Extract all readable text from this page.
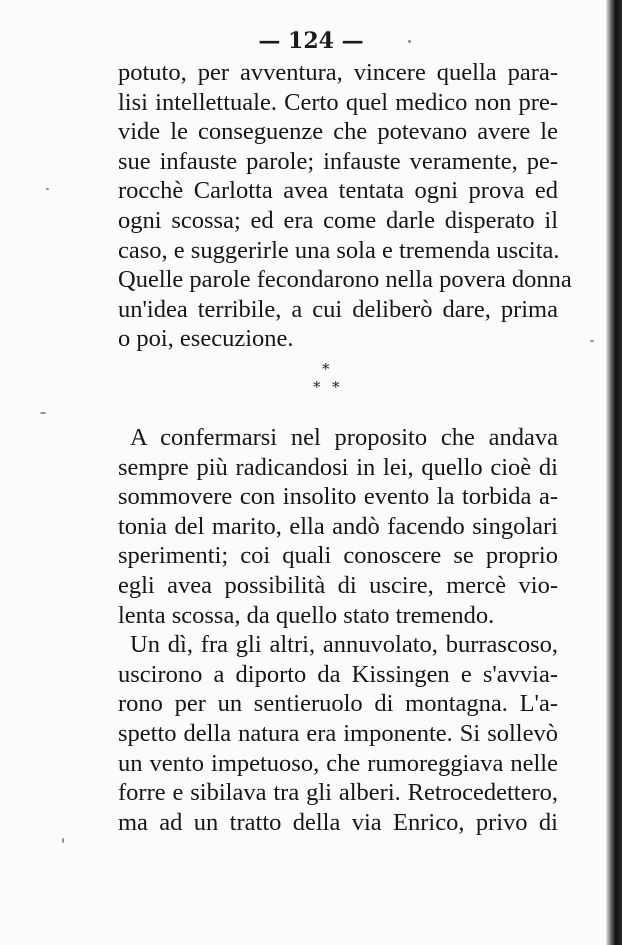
— 124 —
potuto, per avventura, vincere quella para-
lisi intellettuale. Certo quel medico non pre-
vide le conseguenze che potevano avere le
sue infauste parole; infauste veramente, pe-
rocchè Carlotta avea tentata ogni prova ed
ogni scossa; ed era come darle disperato il
caso, e suggerirle una sola e tremenda uscita.
Quelle parole fecondarono nella povera donna
un'idea terribile, a cui deliberò dare, prima
o poi, esecuzione.
*
* *
A confermarsi nel proposito che andava
sempre più radicandosi in lei, quello cioè di
sommovere con insolito evento la torbida a-
tonia del marito, ella andò facendo singolari
sperimenti; coi quali conoscere se proprio
egli avea possibilità di uscire, mercè vio-
lenta scossa, da quello stato tremendo.
Un dì, fra gli altri, annuvolato, burrascoso,
uscirono a diporto da Kissingen e s'avvia-
rono per un sentieruolo di montagna. L'a-
spetto della natura era imponente. Si sollevò
un vento impetuoso, che rumoreggiava nelle
forre e sibilava tra gli alberi. Retrocedettero,
ma ad un tratto della via Enrico, privo di
